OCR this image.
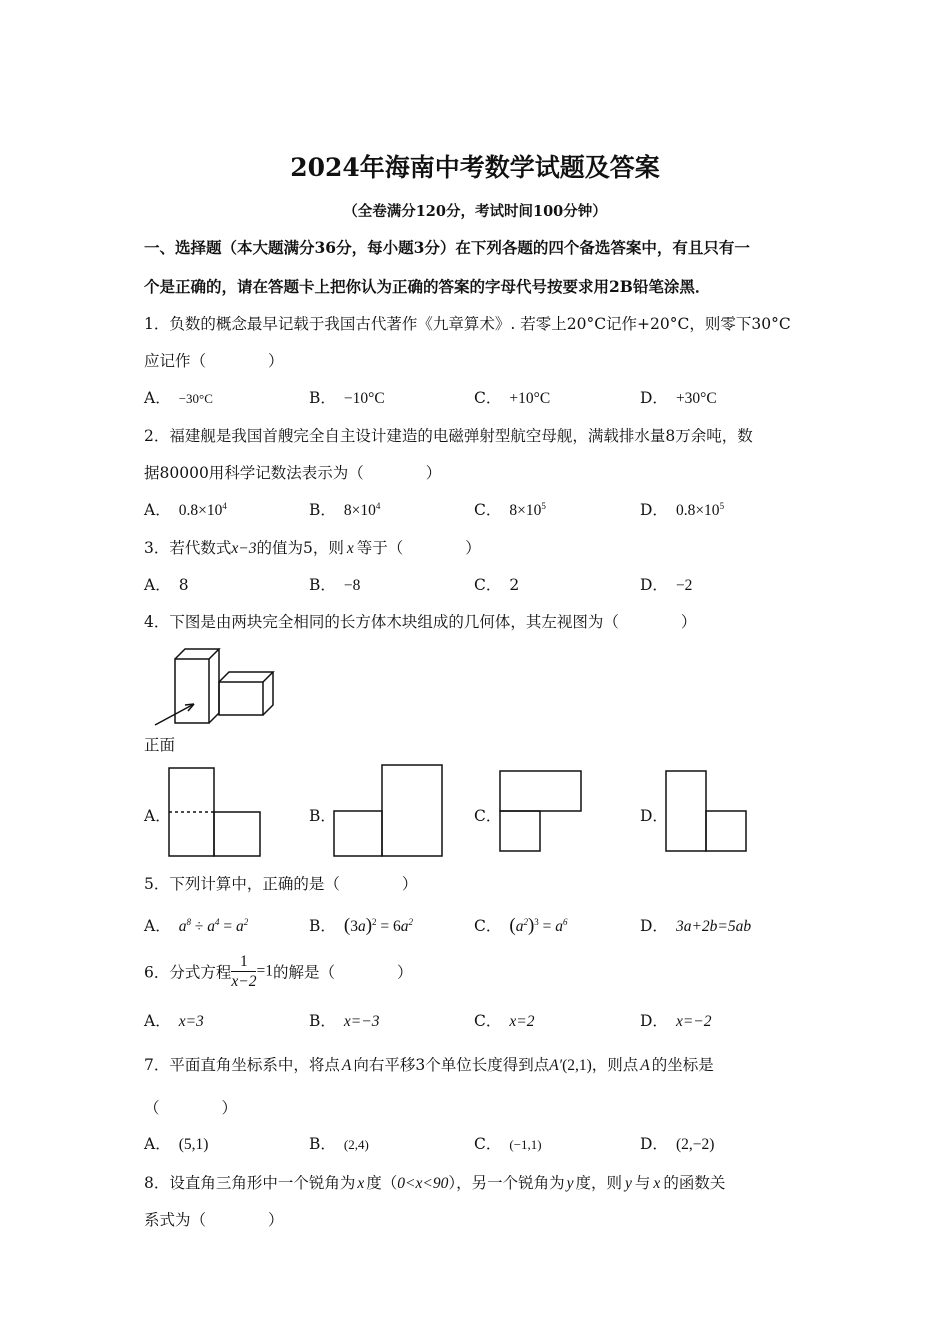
2024年海南中考数学试题及答案
（全卷满分120分，考试时间100分钟）
一、选择题（本大题满分36分，每小题3分）在下列各题的四个备选答案中，有且只有一
个是正确的，请在答题卡上把你认为正确的答案的字母代号按要求用2B铅笔涂黑．
1．负数的概念最早记载于我国古代著作《九章算术》. 若零上20°C记作+20°C，则零下30°C
应记作（　　　　）
A． −30°C	B． −10°C	C． +10°C	D． +30°C
2．福建舰是我国首艘完全自主设计建造的电磁弹射型航空母舰，满载排水量8万余吨，数
据80000用科学记数法表示为（　　　　）
A． $0.8\times 10^4$	B． $8\times 10^4$	C． $8\times 10^5$	D． $0.8\times 10^5$
3．若代数式x−3的值为5，则 x 等于（　　　　）
A． 8	B． −8	C． 2	D． −2
4．下图是由两块完全相同的长方体木块组成的几何体，其左视图为（　　　　）
正面
A．	B．	C．	D．
5．下列计算中，正确的是（　　　　）
A． $a^8 \div a^4 = a^2$	B． $(3a)^2 = 6a^2$	C． $(a^2)^3 = a^6$	D． 3a+2b=5ab
6．分式方程 $\frac{1}{x-2} =1$的解是（　　　　）
A． x=3	B． x=−3	C． x=2	D． x=−2
7．平面直角坐标系中，将点 A 向右平移3个单位长度得到点A′(2,1)，则点 A 的坐标是
（　　　　）
A． (5,1)	B． (2,4)	C． (−1,1)	D． (2,−2)
8．设直角三角形中一个锐角为 x 度（0<x<90），另一个锐角为 y 度，则 y 与 x 的函数关
系式为（　　　　）
